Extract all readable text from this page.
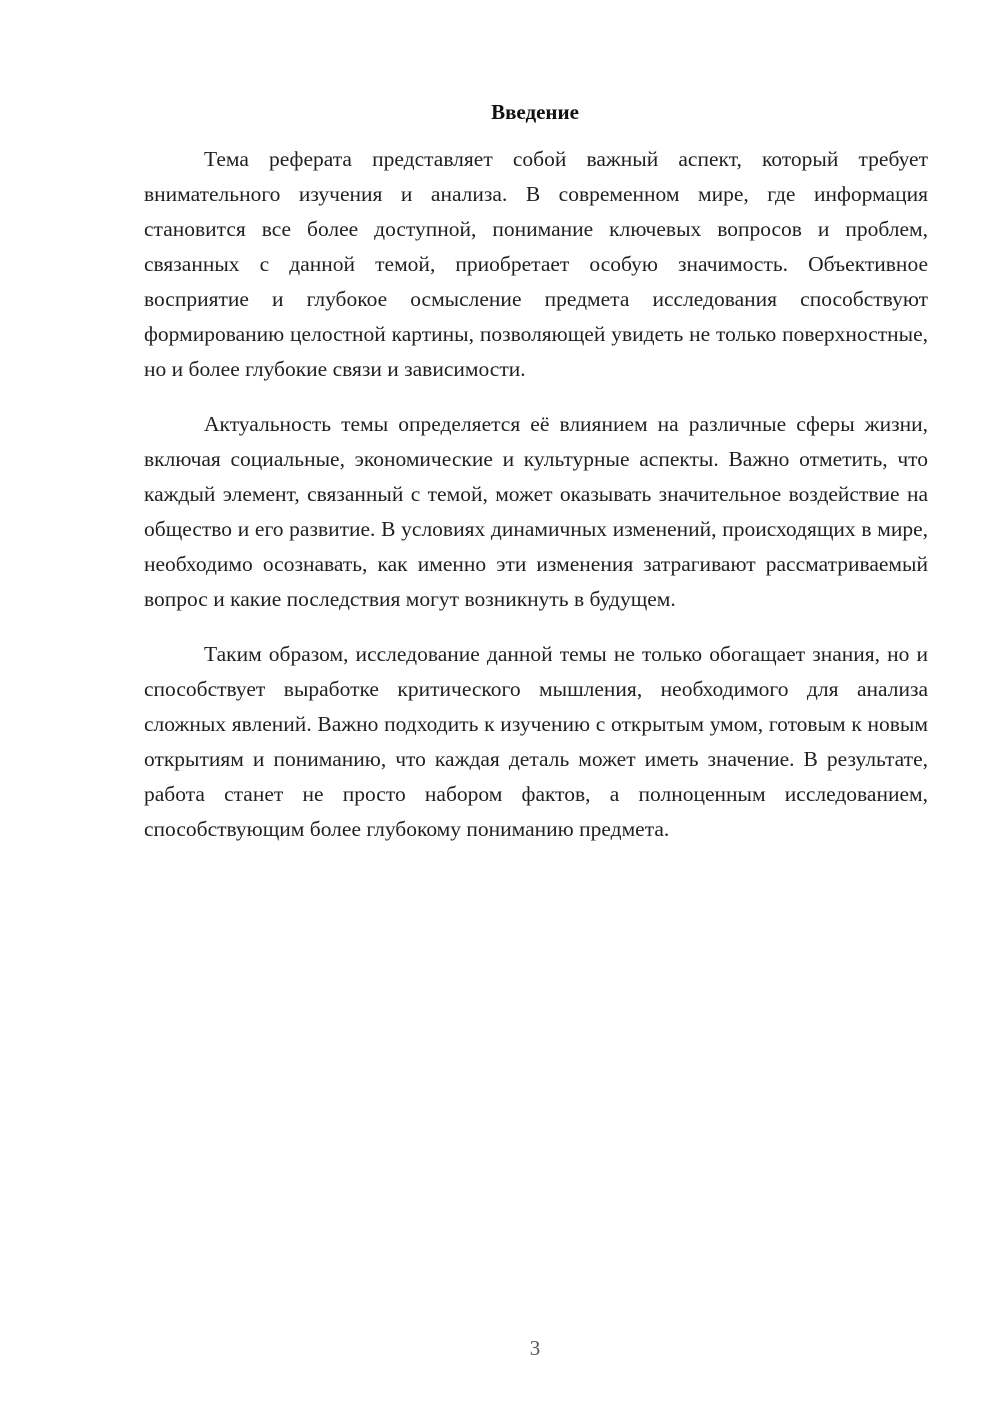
Введение

Тема реферата представляет собой важный аспект, который требует внимательного изучения и анализа. В современном мире, где информация становится все более доступной, понимание ключевых вопросов и проблем, связанных с данной темой, приобретает особую значимость. Объективное восприятие и глубокое осмысление предмета исследования способствуют формированию целостной картины, позволяющей увидеть не только поверхностные, но и более глубокие связи и зависимости.

Актуальность темы определяется её влиянием на различные сферы жизни, включая социальные, экономические и культурные аспекты. Важно отметить, что каждый элемент, связанный с темой, может оказывать значительное воздействие на общество и его развитие. В условиях динамичных изменений, происходящих в мире, необходимо осознавать, как именно эти изменения затрагивают рассматриваемый вопрос и какие последствия могут возникнуть в будущем.

Таким образом, исследование данной темы не только обогащает знания, но и способствует выработке критического мышления, необходимого для анализа сложных явлений. Важно подходить к изучению с открытым умом, готовым к новым открытиям и пониманию, что каждая деталь может иметь значение. В результате, работа станет не просто набором фактов, а полноценным исследованием, способствующим более глубокому пониманию предмета.

3
